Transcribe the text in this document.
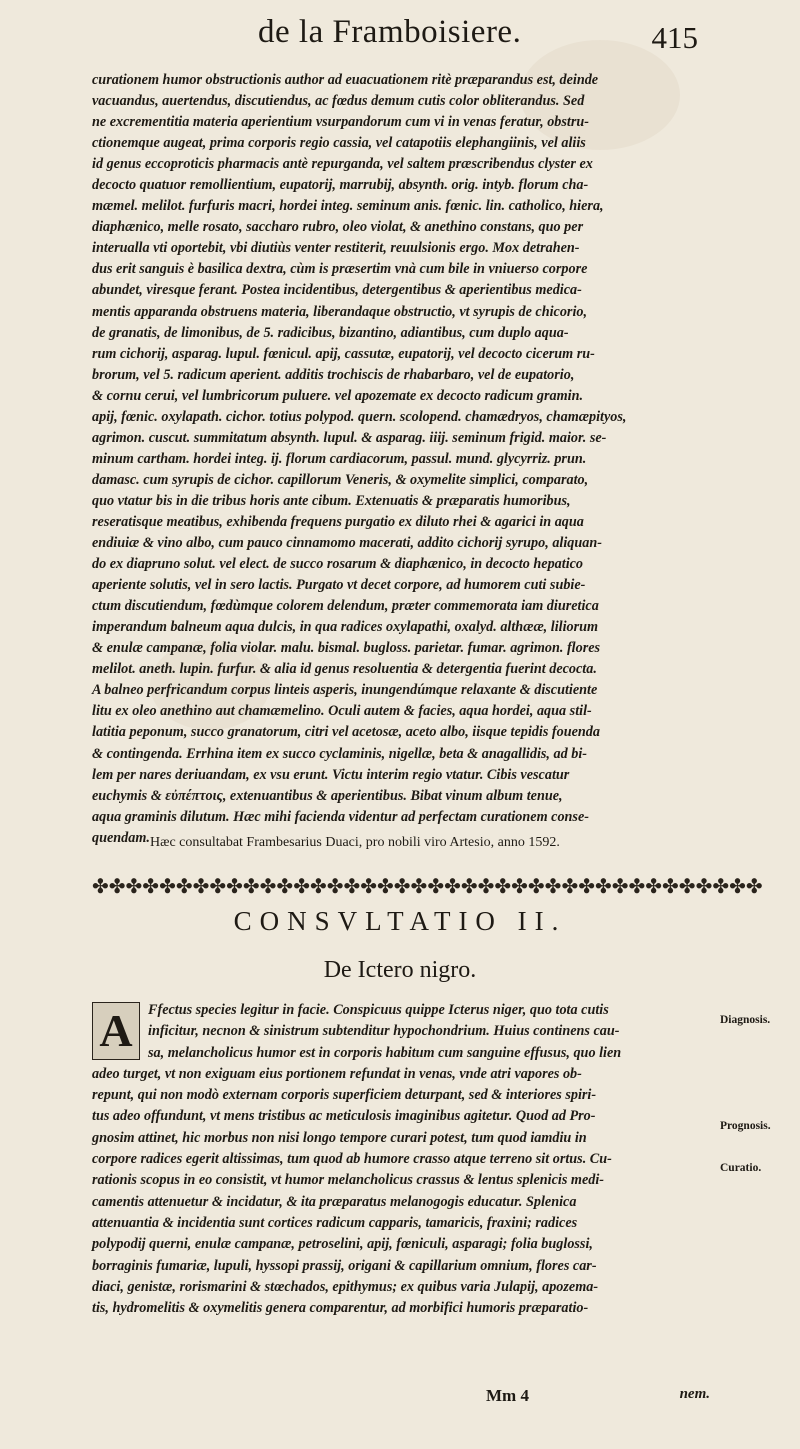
de la Framboisiere.	415
curationem humor obstructionis author ad euacuationem ritè præparandus est, deinde
vacuandus, auertendus, discutiendus, ac fœdus demum cutis color obliterandus. Sed
ne excrementitia materia aperientium vsurpandorum cum vi in venas feratur, obstru-
ctionemque augeat, prima corporis regio cassia, vel catapotiis elephangiinis, vel aliis
id genus eccoproticis pharmacis antè repurganda, vel saltem præscribendus clyster ex
decocto quatuor remollientium, eupatorij, marrubij, absynth. orig. intyb. florum cha-
mæmel. melilot. furfuris macri, hordei integ. seminum anis. fœnic. lin. catholico, hiera,
diaphænico, melle rosato, saccharo rubro, oleo violat, & anethino constans, quo per
interualla vti oportebit, vbi diutiùs venter restiterit, reuulsionis ergo. Mox detrahen-
dus erit sanguis è basilica dextra, cùm is præsertim vnà cum bile in vniuerso corpore
abundet, viresque ferant. Postea incidentibus, detergentibus & aperientibus medica-
mentis apparanda obstruens materia, liberandaque obstructio, vt syrupis de chicorio,
de granatis, de limonibus, de 5. radicibus, bizantino, adiantibus, cum duplo aqua-
rum cichorij, asparag. lupul. fœnicul. apij, cassutæ, eupatorij, vel decocto cicerum ru-
brorum, vel 5. radicum aperient. additis trochiscis de rhabarbaro, vel de eupatorio,
& cornu cerui, vel lumbricorum puluere. vel apozemate ex decocto radicum gramin.
apij, fœnic. oxylapath. cichor. totius polypod. quern. scolopend. chamædryos, chamæpityos,
agrimon. cuscut. summitatum absynth. lupul. & asparag. iiij. seminum frigid. maior. se-
minum cartham. hordei integ. ij. florum cardiacorum, passul. mund. glycyrriz. prun.
damasc. cum syrupis de cichor. capillorum Veneris, & oxymelite simplici, comparato,
quo vtatur bis in die tribus horis ante cibum. Extenuatis & præparatis humoribus,
reseratisque meatibus, exhibenda frequens purgatio ex diluto rhei & agarici in aqua
endiuiæ & vino albo, cum pauco cinnamomo macerati, addito cichorij syrupo, aliquan-
do ex diapruno solut. vel elect. de succo rosarum & diaphænico, in decocto hepatico
aperiente solutis, vel in sero lactis. Purgato vt decet corpore, ad humorem cuti subie-
ctum discutiendum, fœdùmque colorem delendum, præter commemorata iam diuretica
imperandum balneum aqua dulcis, in qua radices oxylapathi, oxalyd. althææ, liliorum
& enulæ campanæ, folia violar. malu. bismal. bugloss. parietar. fumar. agrimon. flores
melilot. aneth. lupin. furfur. & alia id genus resoluentia & detergentia fuerint decocta.
A balneo perfricandum corpus linteis asperis, inungendúmque relaxante & discutiente
litu ex oleo anethino aut chamæmelino. Oculi autem & facies, aqua hordei, aqua stil-
latitia peponum, succo granatorum, citri vel acetosæ, aceto albo, iisque tepidis fouenda
& contingenda. Errhina item ex succo cyclaminis, nigellæ, beta & anagallidis, ad bi-
lem per nares deriuandam, ex vsu erunt. Victu interim regio vtatur. Cibis vescatur
euchymis & εὐπέπτοις, extenuantibus & aperientibus. Bibat vinum album tenue,
aqua graminis dilutum. Hæc mihi facienda videntur ad perfectam curationem conse-
quendam. Hæc consultabat Frambesarius Duaci, pro nobili viro Artesio, anno 1592.
✤ ✤ ✤ ✤ ✤ ✤ ✤ ✤ ✤ ✤ ✤ ✤ ✤ ✤ ✤ ✤ ✤ ✤ ✤ ✤ ✤ ✤ ✤ ✤ ✤ ✤ ✤ ✤ ✤ ✤ ✤ ✤ ✤ ✤ ✤ ✤ ✤ ✤ ✤ ✤
CONSVLTATIO II.
De Ictero nigro.
A	Ffectus species legitur in facie. Conspicuus quippe Icterus niger, quo tota cutis
inficitur, necnon & sinistrum subtenditur hypochondrium. Huius continens cau-
sa, melancholicus humor est in corporis habitum cum sanguine effusus, quo lien
adeo turget, vt non exiguam eius portionem refundat in venas, vnde atri vapores ob-
repunt, qui non modò externam corporis superficiem deturpant, sed & interiores spiri-
tus adeo offundunt, vt mens tristibus ac meticulosis imaginibus agitetur. Quod ad Pro-
gnosim attinet, hic morbus non nisi longo tempore curari potest, tum quod iamdiu in
corpore radices egerit altissimas, tum quod ab humore crasso atque terreno sit ortus. Cu-
rationis scopus in eo consistit, vt humor melancholicus crassus & lentus splenicis medi-
camentis attenuetur & incidatur, & ita præparatus melanogogis educatur. Splenica
attenuantia & incidentia sunt cortices radicum capparis, tamaricis, fraxini; radices
polypodij querni, enulæ campanæ, petroselini, apij, fœniculi, asparagi; folia buglossi,
borraginis fumariæ, lupuli, hyssopi prassij, origani & capillarium omnium, flores car-
diaci, genistæ, rorismarini & stœchados, epithymus; ex quibus varia Julapij, apozema-
tis, hydromelitis & oxymelitis genera comparentur, ad morbifici humoris præparatio-
Diagnosis.
Prognosis.
Curatio.
Mm 4	nem.
